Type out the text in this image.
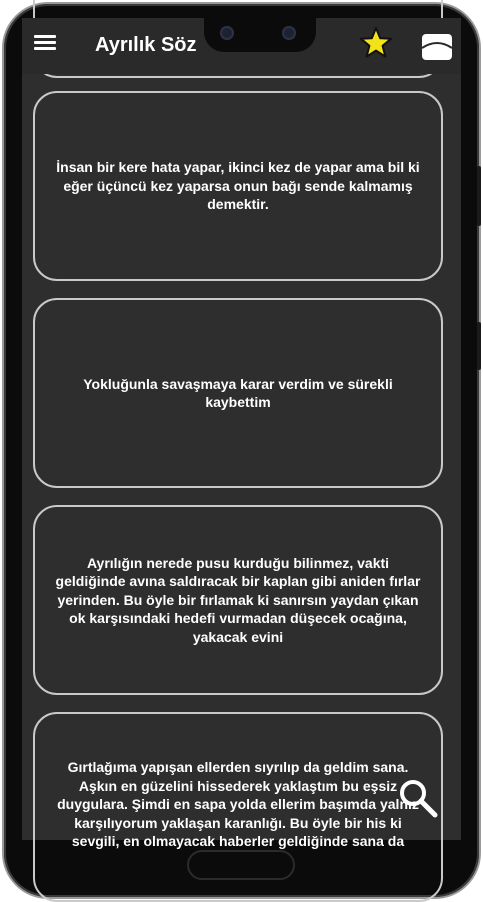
İnsan bir kere hata yapar, ikinci kez de yapar ama bil ki eğer üçüncü kez yaparsa onun bağı sende kalmamış demektir.
Yokluğunla savaşmaya karar verdim ve sürekli kaybettim
Ayrılığın nerede pusu kurduğu bilinmez, vakti geldiğinde avına saldıracak bir kaplan gibi aniden fırlar yerinden. Bu öyle bir fırlamak ki sanırsın yaydan çıkan ok karşısındaki hedefi vurmadan düşecek ocağına, yakacak evini
Gırtlağıma yapışan ellerden sıyrılıp da geldim sana. Aşkın en güzelini hissederek yaklaştım bu eşsiz duygulara. Şimdi en sapa yolda ellerim başımda yalnız karşılıyorum yaklaşan karanlığı. Bu öyle bir his ki sevgili, en olmayacak haberler geldiğinde sana da
Ayrılık Söz
